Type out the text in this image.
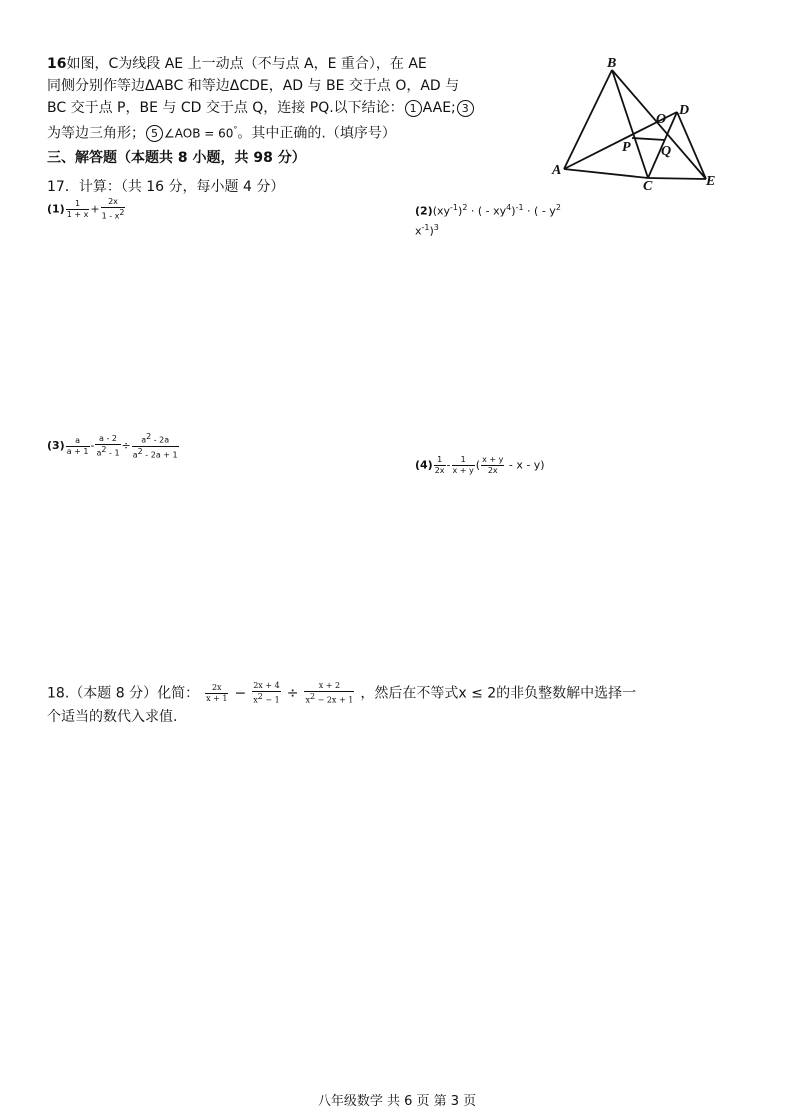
16如图，C为线段 AE 上一动点（不与点 A，E 重合），在 AE
同侧分别作等边ΔABC 和等边ΔCDE，AD 与 BE 交于点 O，AD 与
BC 交于点 P，BE 与 CD 交于点 Q，连接 PQ.以下结论： 1 AAE; 3
为等边三角形； 5 ∠AOB = 60°。其中正确的.（填序号）
B
A
C	E
D
O
P Q
三、解答题（本题共 8 小题，共 98 分）
17．计算：（共 16 分，每小题 4 分）
$(1) \frac{1}{1 + x} + \frac{2x}{1 - x^2}$	$(2)(xy^{-1})^2$ · ( - $xy^4)^{-1}$ · ( - $y^2$
$x^{-1})^3$
$(3) \frac{a}{a + 1} - \frac{a - 2}{a^2 - 1} \div \frac{a^2 - 2a}{a^2 - 2a + 1}$
$(4) \frac{1}{2x} - \frac{1}{x + y}$ ( $\frac{x + y}{2x}$ - x - y)
18.（本题 8 分）化简： $\frac{2x}{x + 1} - \frac{2x + 4}{x^2 - 1} \div \frac{x + 2}{x^2 - 2x + 1}$ ，然后在不等式x ≤ 2的非负整数解中选择一
个适当的数代入求值.
八年级数学 共 6 页 第 3 页
